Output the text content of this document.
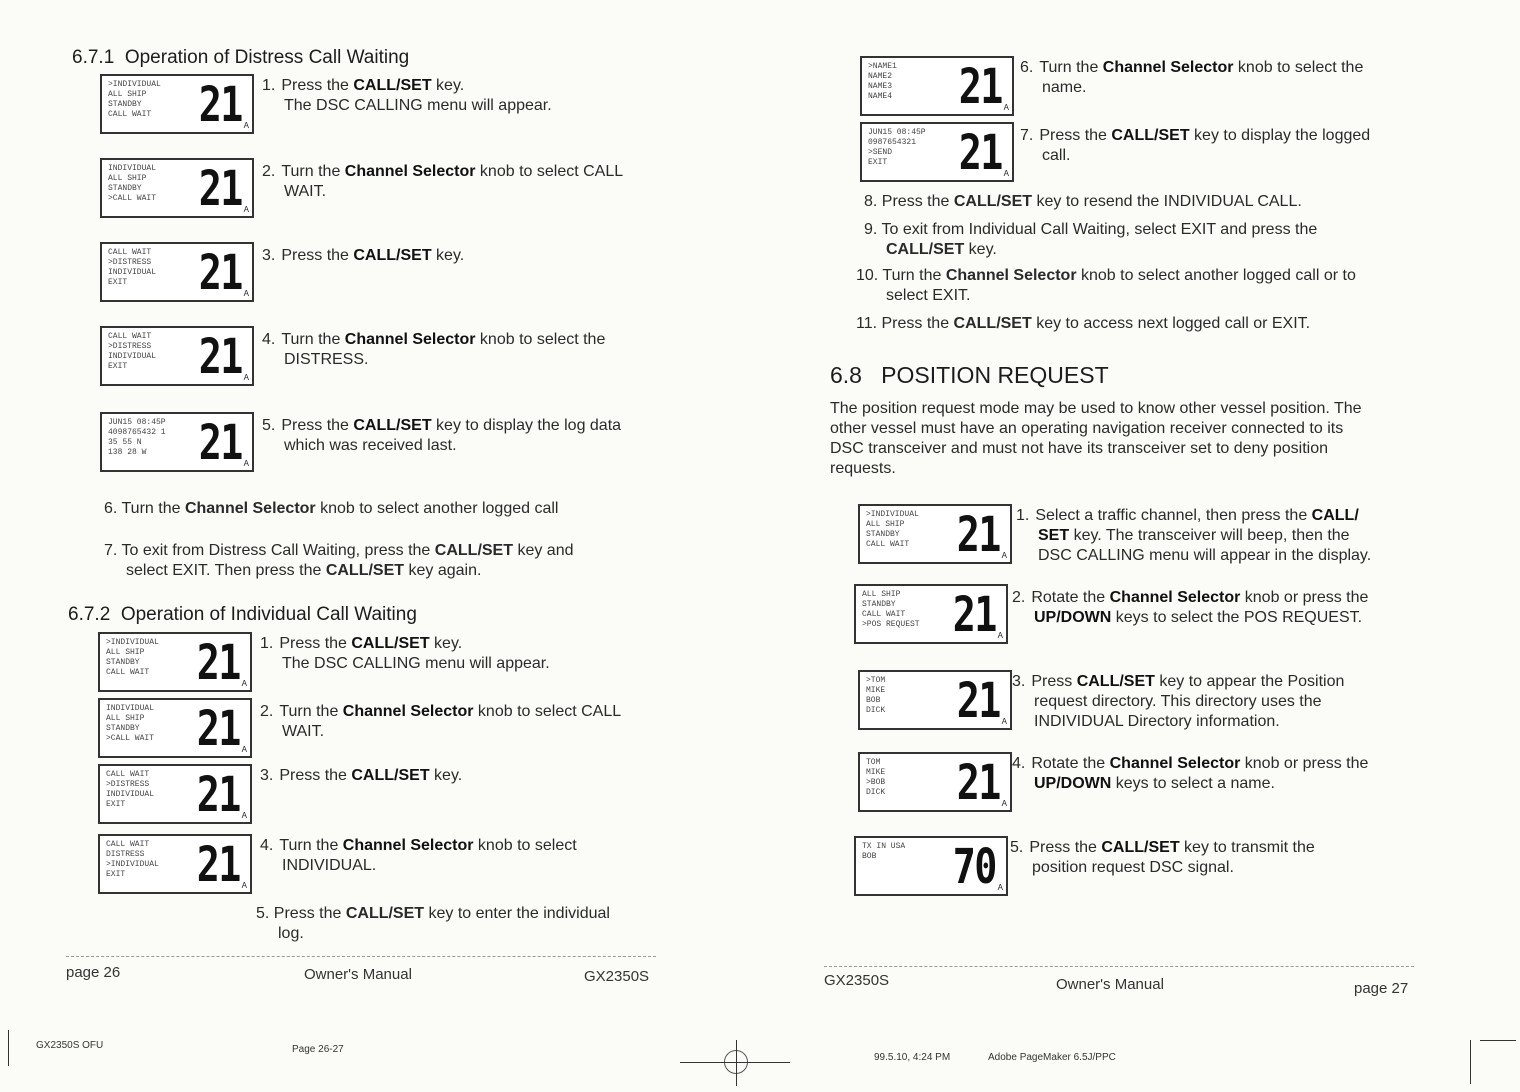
6.7.1 Operation of Distress Call Waiting
>INDIVIDUAL
ALL SHIP
STANDBY
CALL WAIT 21 A
INDIVIDUAL
ALL SHIP
STANDBY
>CALL WAIT 21 A
CALL WAIT
>DISTRESS
INDIVIDUAL
EXIT	21 A
CALL WAIT
>DISTRESS
INDIVIDUAL
EXIT	21 A
JUN15 08:45P
4098765432 1
35 55 N
138 28 W	21 A
1. Press the CALL/SET key.
The DSC CALLING menu will appear.
2. Turn the Channel Selector knob to select CALL
WAIT.
3. Press the CALL/SET key.
4. Turn the Channel Selector knob to select the
DISTRESS.
5. Press the CALL/SET key to display the log data
which was received last.
6. Turn the Channel Selector knob to select another logged call
7. To exit from Distress Call Waiting, press the CALL/SET key and
select EXIT. Then press the CALL/SET key again.
6.7.2 Operation of Individual Call Waiting
>INDIVIDUAL
ALL SHIP
STANDBY
CALL WAIT 21 A
INDIVIDUAL
ALL SHIP
STANDBY
>CALL WAIT 21 A
CALL WAIT
>DISTRESS
INDIVIDUAL
EXIT	21 A
CALL WAIT
DISTRESS
>INDIVIDUAL
EXIT	21 A
1. Press the CALL/SET key.
The DSC CALLING menu will appear.
2. Turn the Channel Selector knob to select CALL
WAIT.
3. Press the CALL/SET key.
4. Turn the Channel Selector knob to select
INDIVIDUAL.
5. Press the CALL/SET key to enter the individual
log.
page 26	Owner's Manual	GX2350S
GX2350S OFU	Page 26-27
>NAME1
NAME2
NAME3
NAME4	21 A
JUN15 08:45P
0987654321
>SEND
EXIT	21 A
6. Turn the Channel Selector knob to select the
name.
7. Press the CALL/SET key to display the logged
call.
8. Press the CALL/SET key to resend the INDIVIDUAL CALL.
9. To exit from Individual Call Waiting, select EXIT and press the
CALL/SET key.
10. Turn the Channel Selector knob to select another logged call or to
select EXIT.
11. Press the CALL/SET key to access next logged call or EXIT.
6.8 POSITION REQUEST
The position request mode may be used to know other vessel position. The
other vessel must have an operating navigation receiver connected to its
DSC transceiver and must not have its transceiver set to deny position
requests.
>INDIVIDUAL
ALL SHIP
STANDBY
CALL WAIT 21 A
ALL SHIP
STANDBY
CALL WAIT
>POS REQUEST 21 A
>TOM
MIKE
BOB
DICK	21 A
TOM
MIKE
>BOB
DICK	21 A
TX IN USA
BOB	70 A
1. Select a traffic channel, then press the CALL/
SET key. The transceiver will beep, then the
DSC CALLING menu will appear in the display.
2. Rotate the Channel Selector knob or press the
UP/DOWN keys to select the POS REQUEST.
3. Press CALL/SET key to appear the Position
request directory. This directory uses the
INDIVIDUAL Directory information.
4. Rotate the Channel Selector knob or press the
UP/DOWN keys to select a name.
5. Press the CALL/SET key to transmit the
position request DSC signal.
GX2350S	Owner's Manual	page 27
99.5.10, 4:24 PM	Adobe PageMaker 6.5J/PPC
